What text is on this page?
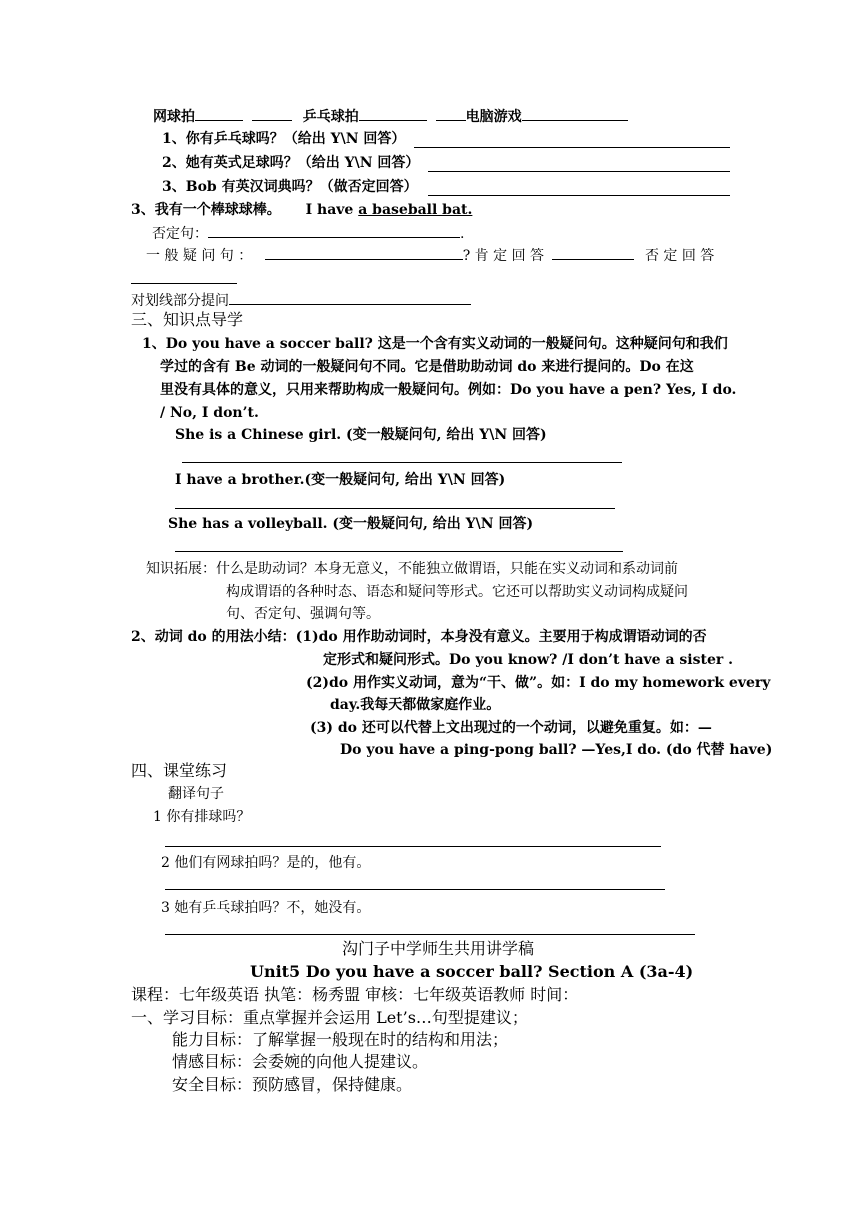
网球拍	乒乓球拍	电脑游戏
1、你有乒乓球吗？（给出 Y\N 回答）
2、她有英式足球吗？（给出 Y\N 回答）
3、Bob 有英汉词典吗？（做否定回答）
3、我有一个棒球球棒。 I have a baseball bat.
否定句：	.
一 般 疑 问 句 ：	? 肯 定 回 答	否 定 回 答
对划线部分提问
三、知识点导学
1、Do you have a soccer ball? 这是一个含有实义动词的一般疑问句。这种疑问句和我们
学过的含有 Be 动词的一般疑问句不同。它是借助助动词 do 来进行提问的。Do 在这
里没有具体的意义，只用来帮助构成一般疑问句。例如：Do you have a pen? Yes, I do.
/ No, I don’t.
She is a Chinese girl. (变一般疑问句, 给出 Y\N 回答)
I have a brother.(变一般疑问句, 给出 Y\N 回答)
She has a volleyball. (变一般疑问句, 给出 Y\N 回答)
知识拓展：什么是助动词？本身无意义，不能独立做谓语，只能在实义动词和系动词前
构成谓语的各种时态、语态和疑问等形式。它还可以帮助实义动词构成疑问
句、否定句、强调句等。
2、动词 do 的用法小结：(1)do 用作助动词时，本身没有意义。主要用于构成谓语动词的否
定形式和疑问形式。Do you know? /I don’t have a sister .
(2)do 用作实义动词，意为“干、做”。如：I do my homework every
day.我每天都做家庭作业。
(3) do 还可以代替上文出现过的一个动词，以避免重复。如：—
Do you have a ping-pong ball? —Yes,I do. (do 代替 have)
四、课堂练习
翻译句子
1 你有排球吗？
2 他们有网球拍吗？是的，他有。
3 她有乒乓球拍吗？不，她没有。
沟门子中学师生共用讲学稿
Unit5 Do you have a soccer ball? Section A (3a-4)
课程：七年级英语 执笔：杨秀盟 审核：七年级英语教师 时间：
一、学习目标：重点掌握并会运用 Let’s…句型提建议；
能力目标：了解掌握一般现在时的结构和用法；
情感目标：会委婉的向他人提建议。
安全目标：预防感冒，保持健康。
